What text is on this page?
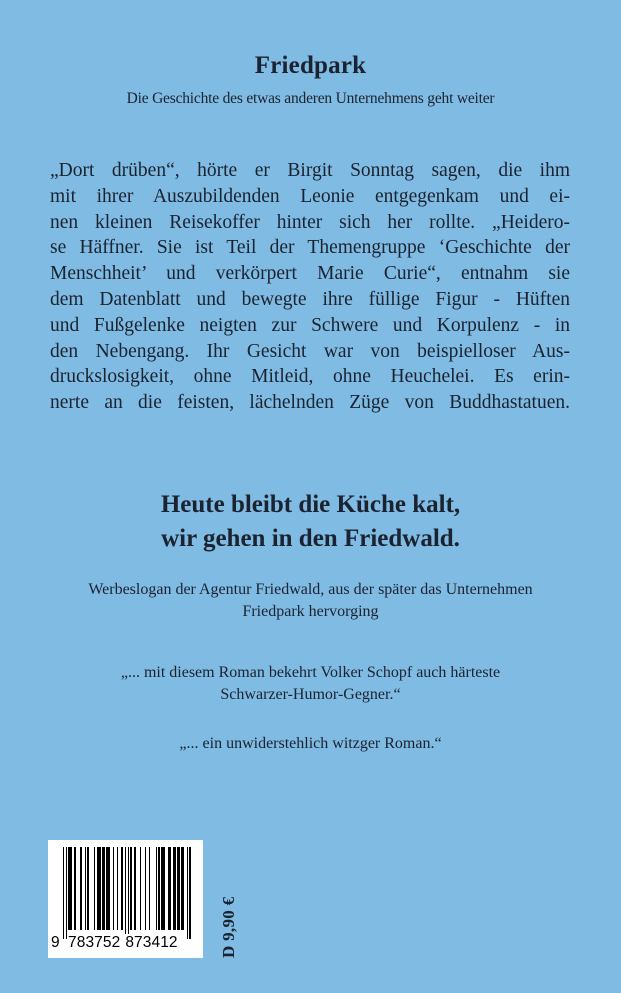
Friedpark
Die Geschichte des etwas anderen Unternehmens geht weiter
„Dort drüben“, hörte er Birgit Sonntag sagen, die ihm
mit ihrer Auszubildenden Leonie entgegenkam und ei-
nen kleinen Reisekoffer hinter sich her rollte. „Heidero-
se Häffner. Sie ist Teil der Themengruppe ‘Geschichte der
Menschheit’ und verkörpert Marie Curie“, entnahm sie
dem Datenblatt und bewegte ihre füllige Figur - Hüften
und Fußgelenke neigten zur Schwere und Korpulenz - in
den Nebengang. Ihr Gesicht war von beispielloser Aus-
druckslosigkeit, ohne Mitleid, ohne Heuchelei. Es erin-
nerte an die feisten, lächelnden Züge von Buddhastatuen.
Heute bleibt die Küche kalt,
wir gehen in den Friedwald.
Werbeslogan der Agentur Friedwald, aus der später das Unternehmen
Friedpark hervorging
„... mit diesem Roman bekehrt Volker Schopf auch härteste
Schwarzer-Humor-Gegner.“
„... ein unwiderstehlich witzger Roman.“
9 783752 873412	D 9,90 €
